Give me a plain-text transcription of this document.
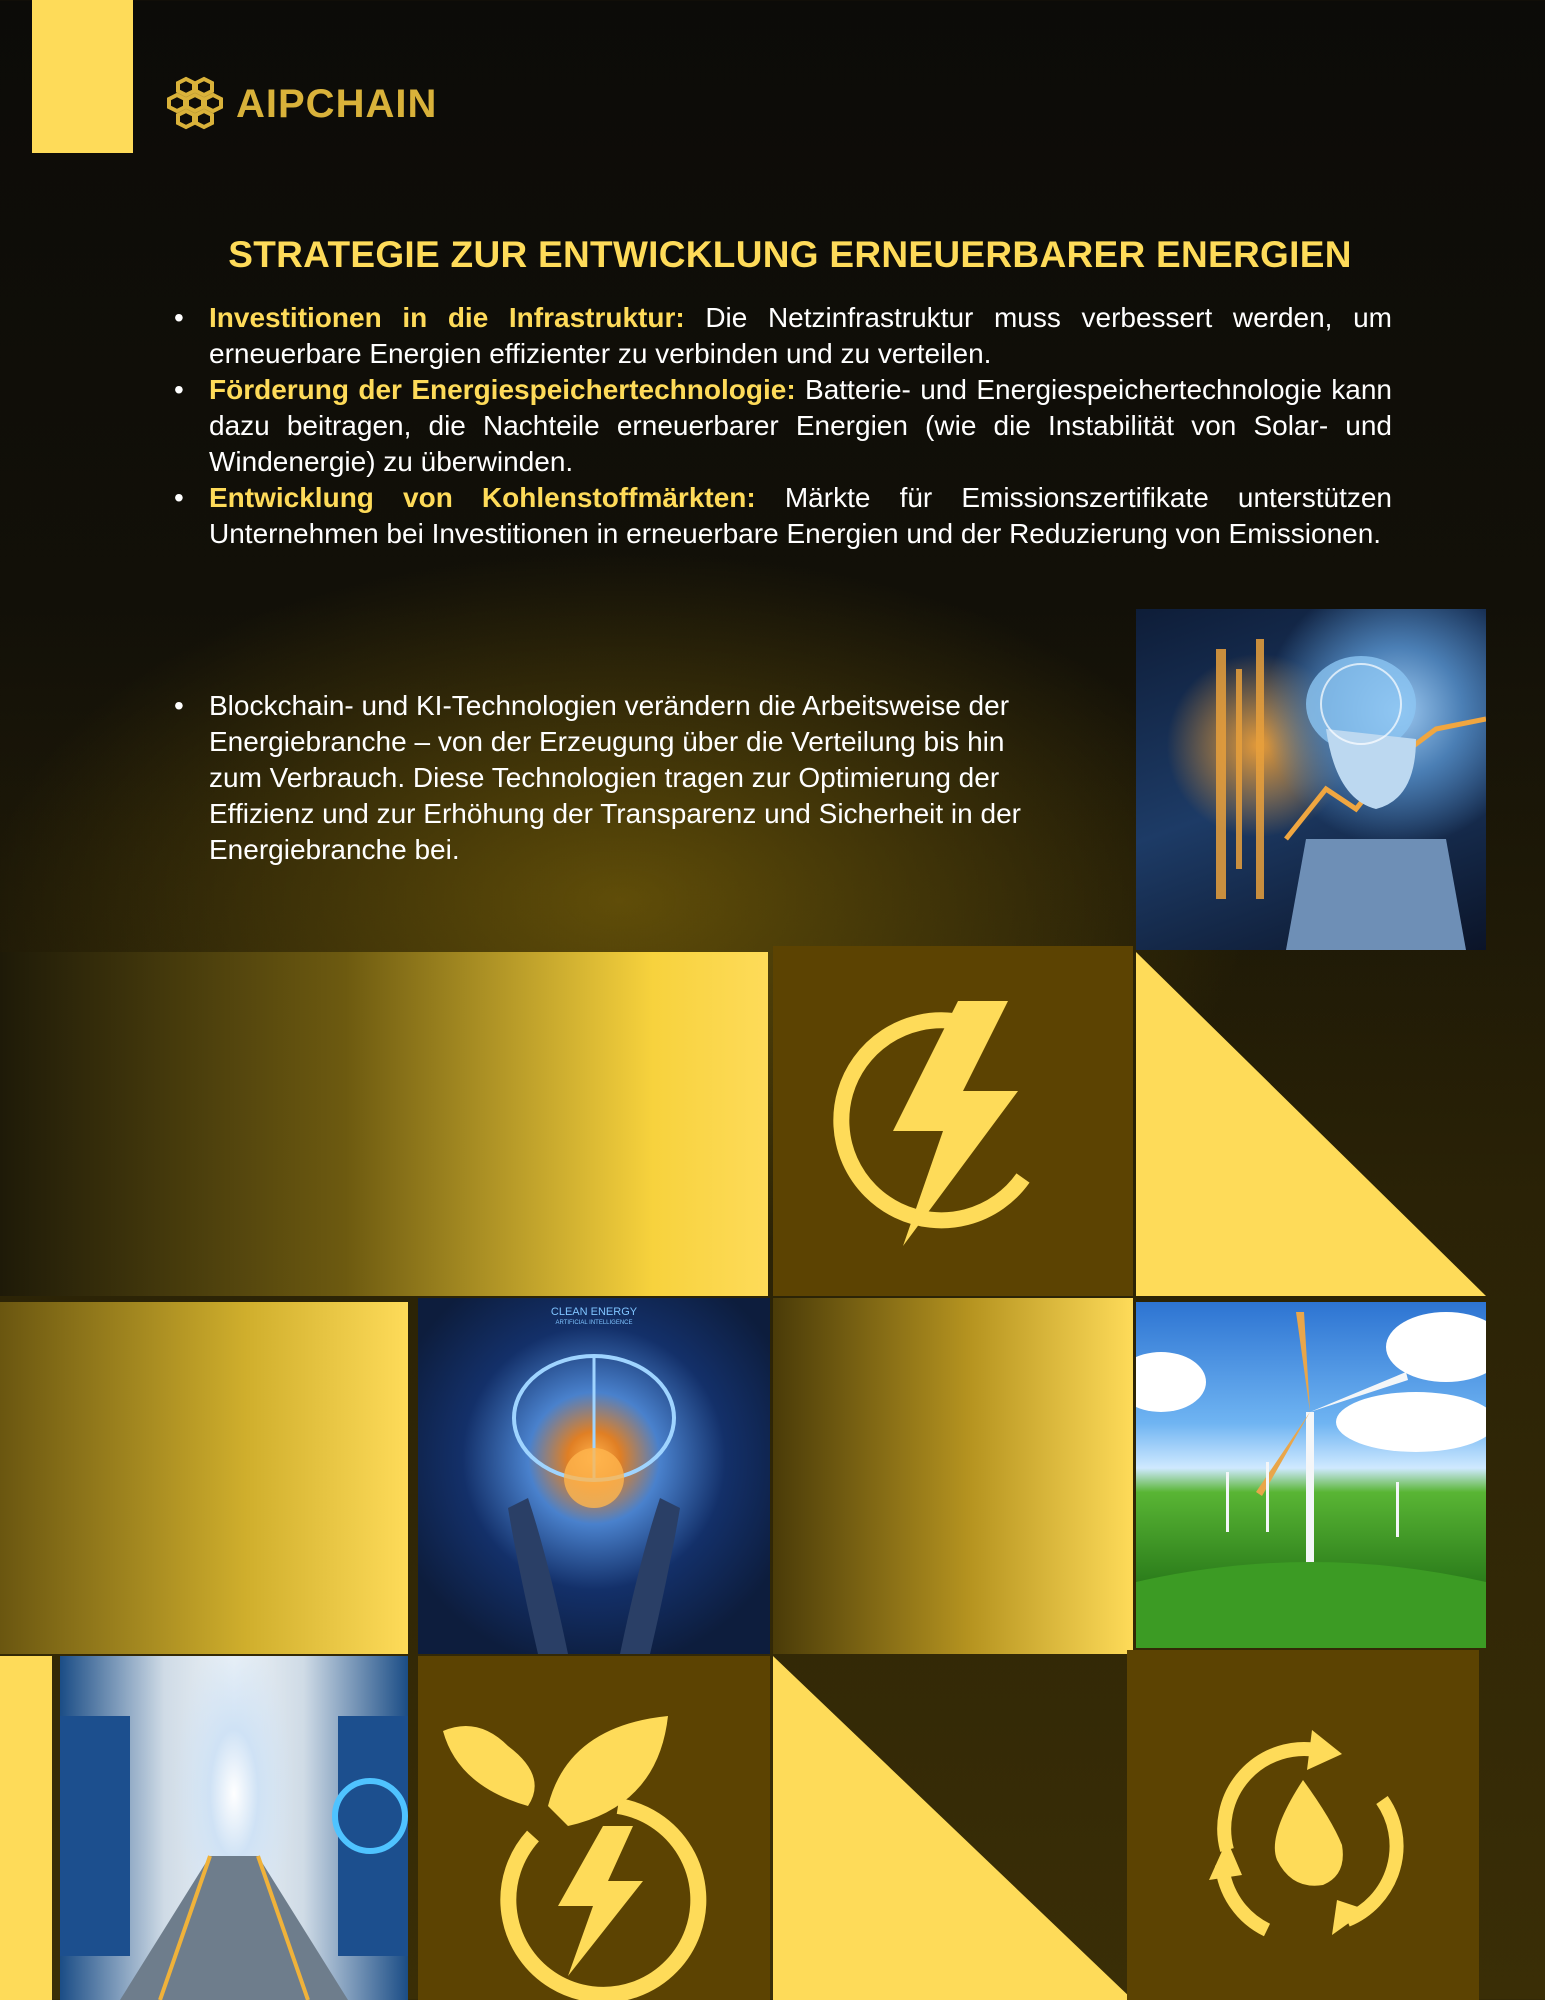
AIPCHAIN
STRATEGIE ZUR ENTWICKLUNG ERNEUERBARER ENERGIEN
• Investitionen in die Infrastruktur: Die Netzinfrastruktur muss verbessert werden, um erneuerbare Energien effizienter zu verbinden und zu verteilen.
• Förderung der Energiespeichertechnologie: Batterie- und Energiespeichertechnologie kann dazu beitragen, die Nachteile erneuerbarer Energien (wie die Instabilität von Solar- und Windenergie) zu überwinden.
• Entwicklung von Kohlenstoffmärkten: Märkte für Emissionszertifikate unterstützen Unternehmen bei Investitionen in erneuerbare Energien und der Reduzierung von Emissionen.
• Blockchain- und KI-Technologien verändern die Arbeitsweise der Energiebranche – von der Erzeugung über die Verteilung bis hin zum Verbrauch. Diese Technologien tragen zur Optimierung der Effizienz und zur Erhöhung der Transparenz und Sicherheit in der Energiebranche bei.
CLEAN ENERGY
ARTIFICIAL INTELLIGENCE
